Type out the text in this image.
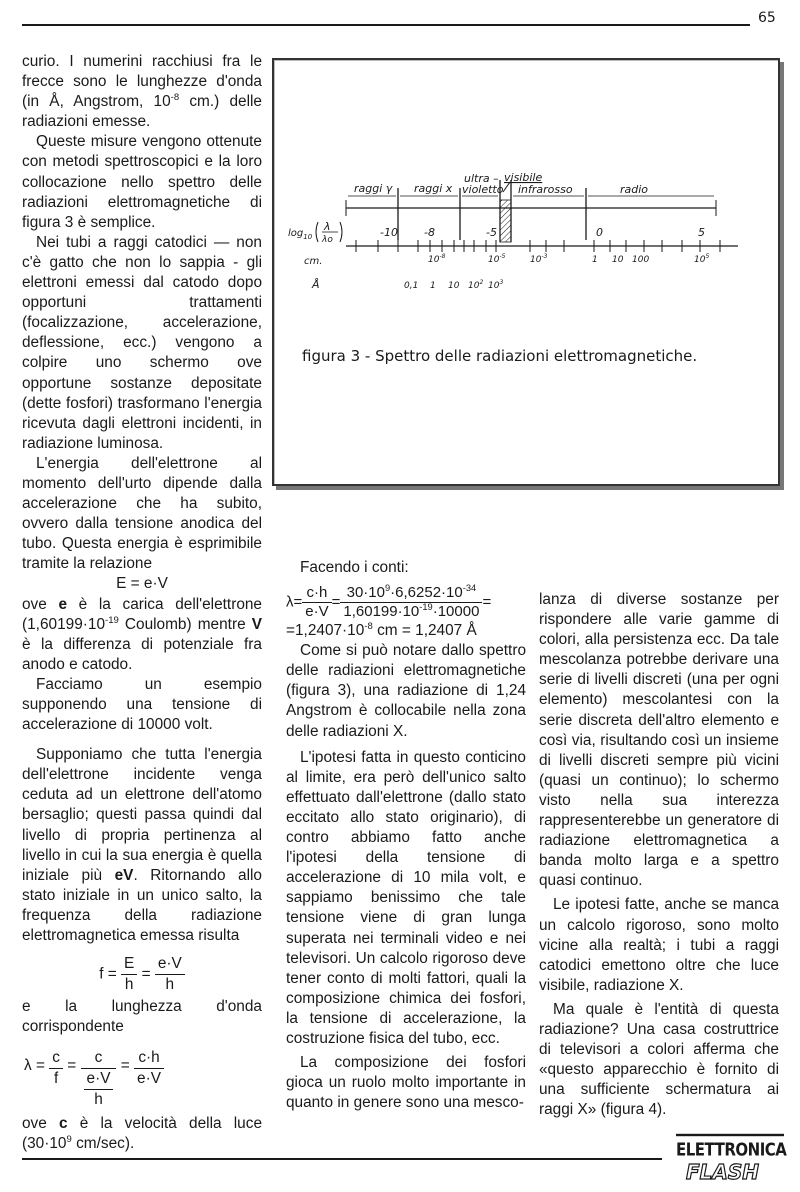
65

curio. I numerini racchiusi fra le frecce sono le lunghezze d'onda (in Å, Angstrom, $10^{-8}$ cm.) delle radiazioni emesse.

Queste misure vengono ottenute con metodi spettroscopici e la loro collocazione nello spettro delle radiazioni elettromagnetiche di figura 3 è semplice.

Nei tubi a raggi catodici — non c'è gatto che non lo sappia - gli elettroni emessi dal catodo dopo opportuni trattamenti (focalizzazione, accelerazione, deflessione, ecc.) vengono a colpire uno schermo ove opportune sostanze depositate (dette fosfori) trasformano l'energia ricevuta dagli elettroni incidenti, in radiazione luminosa.

L'energia dell'elettrone al momento dell'urto dipende dalla accelerazione che ha subito, ovvero dalla tensione anodica del tubo. Questa energia è esprimibile tramite la relazione

E = e·V

ove e è la carica dell'elettrone ($1,60199\cdot 10^{-19}$ Coulomb) mentre V è la differenza di potenziale fra anodo e catodo.

Facciamo un esempio supponendo una tensione di accelerazione di 10000 volt.

Supponiamo che tutta l'energia dell'elettrone incidente venga ceduta ad un elettrone dell'atomo bersaglio; questi passa quindi dal livello di propria pertinenza al livello in cui la sua energia è quella iniziale più eV. Ritornando allo stato iniziale in un unico salto, la frequenza della radiazione elettromagnetica emessa risulta

$f = \frac{E}{h} = \frac{e\cdot V}{h}$

e la lunghezza d'onda corrispondente

$\lambda = \frac{c}{f} = \frac{c}{\frac{e\cdot V}{h}} = \frac{c\cdot h}{e\cdot V}$

ove c è la velocità della luce ($30\cdot 10^9$ cm/sec).

raggi γ raggi x
ultra –
violetto
visibile
infrarosso	radio
$\log_{10}$
λ
λo
-10 -8	-5	0	5
cm.	$10^{-8}$	$10^{-5}$	$10^{-3}$	1 10 100	$10^5$
Å	0,1 1 10 $10^2$ $10^3$
figura 3 - Spettro delle radiazioni elettromagnetiche.

Facendo i conti:

$\lambda= \frac{c\cdot h}{e\cdot V} = \frac{30\cdot 10^9\cdot 6,6252\cdot 10^{-34}}{1,60199\cdot 10^{-19}\cdot 10000}$ =

$=1,2407\cdot 10^{-8}$ cm = 1,2407 Å

Come si può notare dallo spettro delle radiazioni elettromagnetiche (figura 3), una radiazione di 1,24 Angstrom è collocabile nella zona delle radiazioni X.

L'ipotesi fatta in questo conticino al limite, era però dell'unico salto effettuato dall'elettrone (dallo stato eccitato allo stato originario), di contro abbiamo fatto anche l'ipotesi della tensione di accelerazione di 10 mila volt, e sappiamo benissimo che tale tensione viene di gran lunga superata nei terminali video e nei televisori. Un calcolo rigoroso deve tener conto di molti fattori, quali la composizione chimica dei fosfori, la tensione di accelerazione, la costruzione fisica del tubo, ecc.

La composizione dei fosfori gioca un ruolo molto importante in quanto in genere sono una mesco-

lanza di diverse sostanze per rispondere alle varie gamme di colori, alla persistenza ecc. Da tale mescolanza potrebbe derivare una serie di livelli discreti (una per ogni elemento) mescolantesi con la serie discreta dell'altro elemento e così via, risultando così un insieme di livelli discreti sempre più vicini (quasi un continuo); lo schermo visto nella sua interezza rappresenterebbe un generatore di radiazione elettromagnetica a banda molto larga e a spettro quasi continuo.

Le ipotesi fatte, anche se manca un calcolo rigoroso, sono molto vicine alla realtà; i tubi a raggi catodici emettono oltre che luce visibile, radiazione X.

Ma quale è l'entità di questa radiazione? Una casa costruttrice di televisori a colori afferma che «questo apparecchio è fornito di una sufficiente schermatura ai raggi X» (figura 4).

ELETTRONICA
FLASH
